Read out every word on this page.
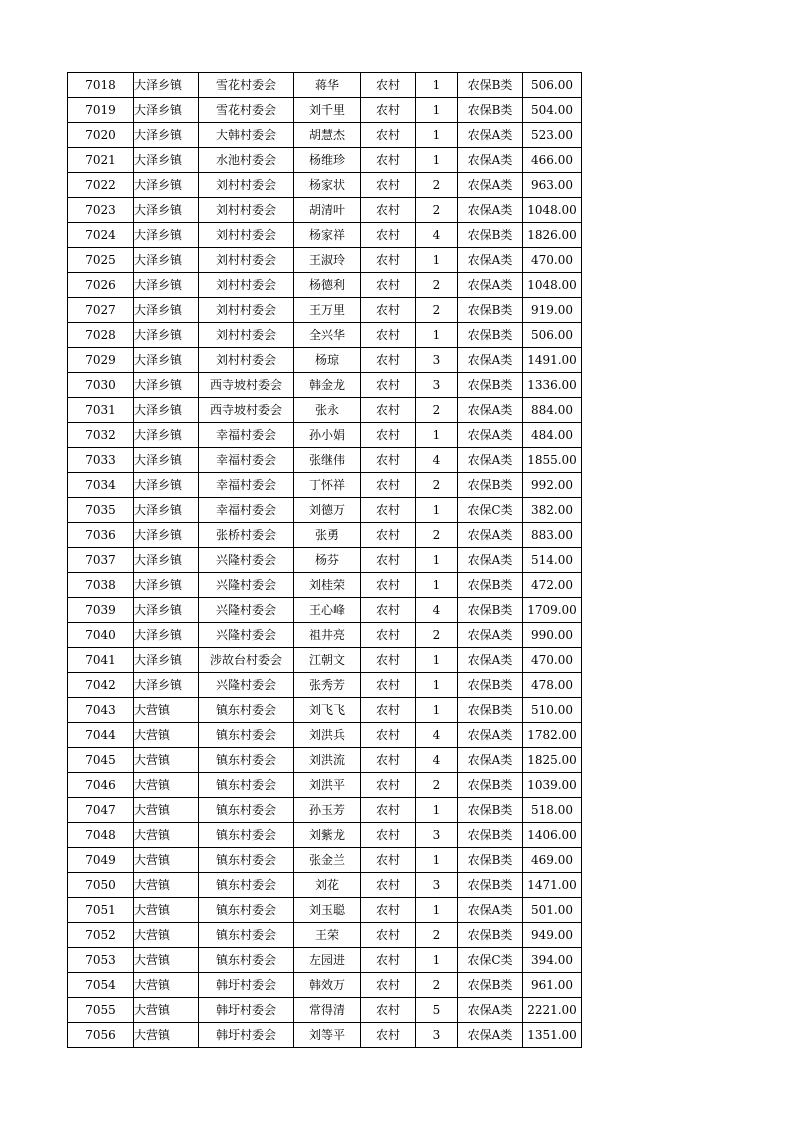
7018	大泽乡镇	雪花村委会	蒋华	农村	1	农保B类	506.00
7019	大泽乡镇	雪花村委会	刘千里	农村	1	农保B类	504.00
7020	大泽乡镇	大韩村委会	胡慧杰	农村	1	农保A类	523.00
7021	大泽乡镇	水池村委会	杨维珍	农村	1	农保A类	466.00
7022	大泽乡镇	刘村村委会	杨家状	农村	2	农保A类	963.00
7023	大泽乡镇	刘村村委会	胡清叶	农村	2	农保A类	1048.00
7024	大泽乡镇	刘村村委会	杨家祥	农村	4	农保B类	1826.00
7025	大泽乡镇	刘村村委会	王淑玲	农村	1	农保A类	470.00
7026	大泽乡镇	刘村村委会	杨德利	农村	2	农保A类	1048.00
7027	大泽乡镇	刘村村委会	王万里	农村	2	农保B类	919.00
7028	大泽乡镇	刘村村委会	全兴华	农村	1	农保B类	506.00
7029	大泽乡镇	刘村村委会	杨琼	农村	3	农保A类	1491.00
7030	大泽乡镇	西寺坡村委会	韩金龙	农村	3	农保B类	1336.00
7031	大泽乡镇	西寺坡村委会	张永	农村	2	农保A类	884.00
7032	大泽乡镇	幸福村委会	孙小娟	农村	1	农保A类	484.00
7033	大泽乡镇	幸福村委会	张继伟	农村	4	农保A类	1855.00
7034	大泽乡镇	幸福村委会	丁怀祥	农村	2	农保B类	992.00
7035	大泽乡镇	幸福村委会	刘德万	农村	1	农保C类	382.00
7036	大泽乡镇	张桥村委会	张勇	农村	2	农保A类	883.00
7037	大泽乡镇	兴隆村委会	杨芬	农村	1	农保A类	514.00
7038	大泽乡镇	兴隆村委会	刘桂荣	农村	1	农保B类	472.00
7039	大泽乡镇	兴隆村委会	王心峰	农村	4	农保B类	1709.00
7040	大泽乡镇	兴隆村委会	祖井亮	农村	2	农保A类	990.00
7041	大泽乡镇	涉故台村委会	江朝文	农村	1	农保A类	470.00
7042	大泽乡镇	兴隆村委会	张秀芳	农村	1	农保B类	478.00
7043	大营镇	镇东村委会	刘飞飞	农村	1	农保B类	510.00
7044	大营镇	镇东村委会	刘洪兵	农村	4	农保A类	1782.00
7045	大营镇	镇东村委会	刘洪流	农村	4	农保A类	1825.00
7046	大营镇	镇东村委会	刘洪平	农村	2	农保B类	1039.00
7047	大营镇	镇东村委会	孙玉芳	农村	1	农保B类	518.00
7048	大营镇	镇东村委会	刘紫龙	农村	3	农保B类	1406.00
7049	大营镇	镇东村委会	张金兰	农村	1	农保B类	469.00
7050	大营镇	镇东村委会	刘花	农村	3	农保B类	1471.00
7051	大营镇	镇东村委会	刘玉聪	农村	1	农保A类	501.00
7052	大营镇	镇东村委会	王荣	农村	2	农保B类	949.00
7053	大营镇	镇东村委会	左园进	农村	1	农保C类	394.00
7054	大营镇	韩圩村委会	韩效万	农村	2	农保B类	961.00
7055	大营镇	韩圩村委会	常得清	农村	5	农保A类	2221.00
7056	大营镇	韩圩村委会	刘等平	农村	3	农保A类	1351.00
